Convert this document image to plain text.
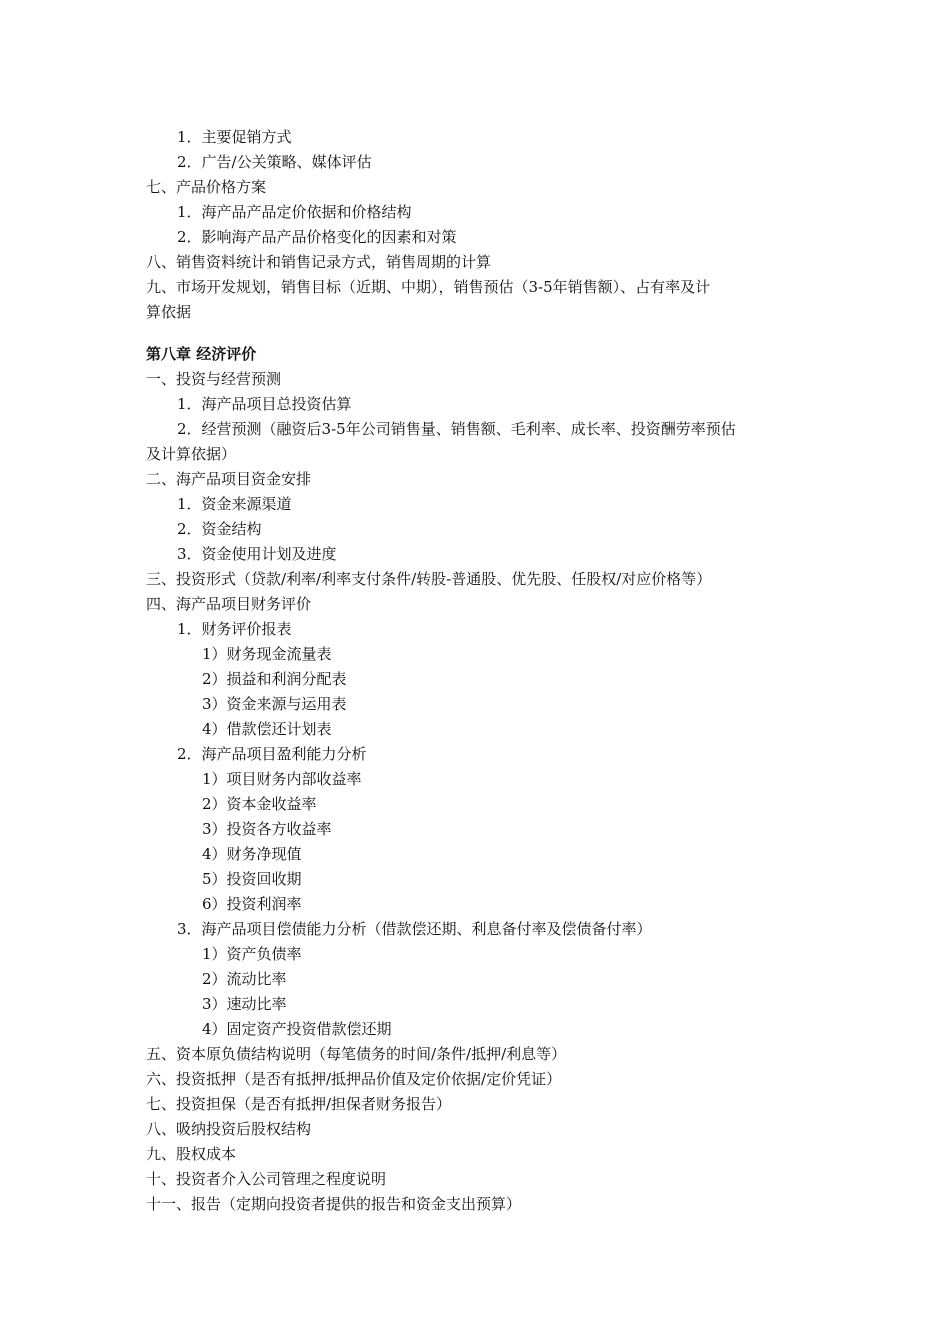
1．主要促销方式
2．广告/公关策略、媒体评估
七、产品价格方案
1．海产品产品定价依据和价格结构
2．影响海产品产品价格变化的因素和对策
八、销售资料统计和销售记录方式，销售周期的计算
九、市场开发规划，销售目标（近期、中期），销售预估（3-5年销售额）、占有率及计
算依据
第八章 经济评价
一、投资与经营预测
1．海产品项目总投资估算
2．经营预测（融资后3-5年公司销售量、销售额、毛利率、成长率、投资酬劳率预估
及计算依据）
二、海产品项目资金安排
1．资金来源渠道
2．资金结构
3．资金使用计划及进度
三、投资形式（贷款/利率/利率支付条件/转股-普通股、优先股、任股权/对应价格等）
四、海产品项目财务评价
1．财务评价报表
1）财务现金流量表
2）损益和利润分配表
3）资金来源与运用表
4）借款偿还计划表
2．海产品项目盈利能力分析
1）项目财务内部收益率
2）资本金收益率
3）投资各方收益率
4）财务净现值
5）投资回收期
6）投资利润率
3．海产品项目偿债能力分析（借款偿还期、利息备付率及偿债备付率）
1）资产负债率
2）流动比率
3）速动比率
4）固定资产投资借款偿还期
五、资本原负债结构说明（每笔债务的时间/条件/抵押/利息等）
六、投资抵押（是否有抵押/抵押品价值及定价依据/定价凭证）
七、投资担保（是否有抵押/担保者财务报告）
八、吸纳投资后股权结构
九、股权成本
十、投资者介入公司管理之程度说明
十一、报告（定期向投资者提供的报告和资金支出预算）
